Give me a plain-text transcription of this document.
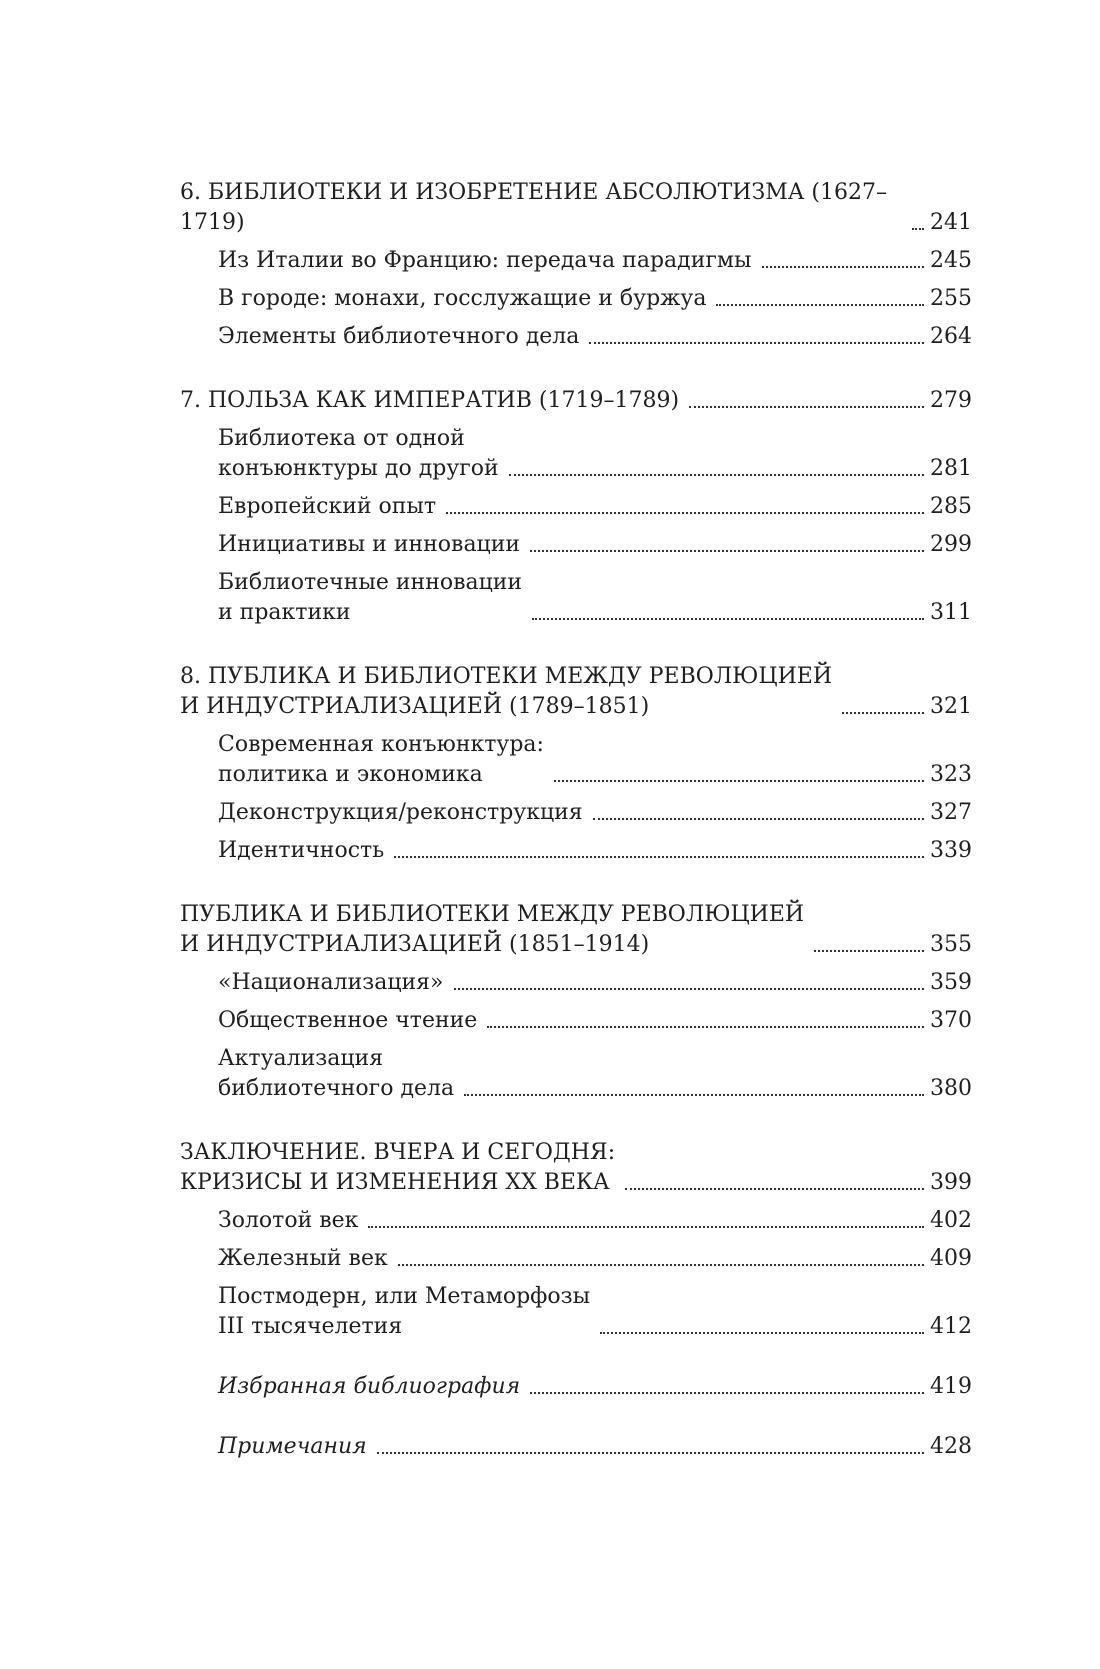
6. БИБЛИОТЕКИ И ИЗОБРЕТЕНИЕ АБСОЛЮТИЗМА (1627–1719)	241
Из Италии во Францию: передача парадигмы	245
В городе: монахи, госслужащие и буржуа	255
Элементы библиотечного дела	264
7. ПОЛЬЗА КАК ИМПЕРАТИВ (1719–1789)	279
Библиотека от одной
конъюнктуры до другой	281
Европейский опыт	285
Инициативы и инновации	299
Библиотечные инновации
и практики	311
8. ПУБЛИКА И БИБЛИОТЕКИ МЕЖДУ РЕВОЛЮЦИЕЙ
И ИНДУСТРИАЛИЗАЦИЕЙ (1789–1851)	321
Современная конъюнктура:
политика и экономика	323
Деконструкция/реконструкция	327
Идентичность	339
ПУБЛИКА И БИБЛИОТЕКИ МЕЖДУ РЕВОЛЮЦИЕЙ
И ИНДУСТРИАЛИЗАЦИЕЙ (1851–1914)	355
«Национализация»	359
Общественное чтение	370
Актуализация
библиотечного дела	380
ЗАКЛЮЧЕНИЕ. ВЧЕРА И СЕГОДНЯ:
КРИЗИСЫ И ИЗМЕНЕНИЯ XX ВЕКА	399
Золотой век	402
Железный век	409
Постмодерн, или Метаморфозы
III тысячелетия	412
Избранная библиография	419
Примечания	428
